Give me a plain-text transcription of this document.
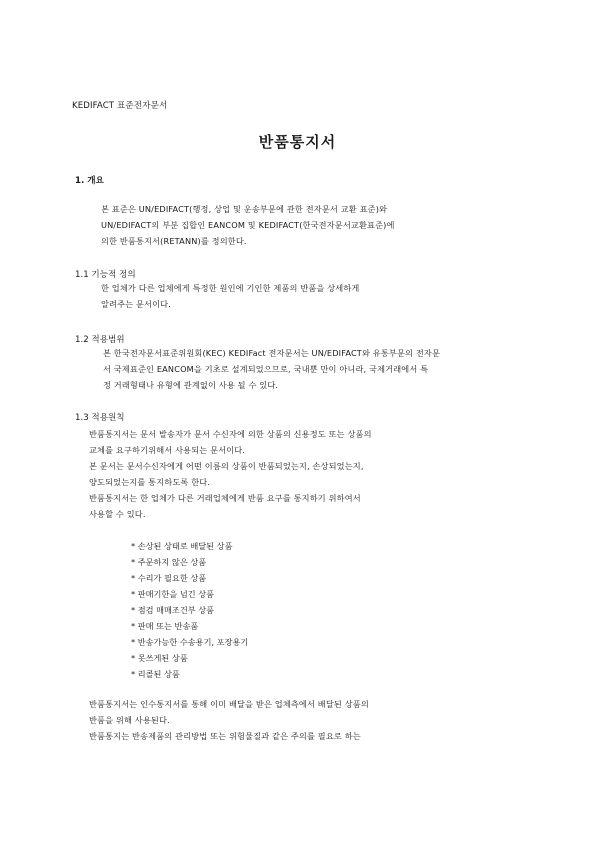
KEDIFACT 표준전자문서
반품통지서
1. 개요
본 표준은 UN/EDIFACT(행정, 상업 및 운송부문에 관한 전자문서 교환 표준)와
UN/EDIFACT의 부분 집합인 EANCOM 및 KEDIFACT(한국전자문서교환표준)에
의한 반품통지서(RETANN)를 정의한다.
1.1 기능적 정의
한 업체가 다른 업체에게 특정한 원인에 기인한 제품의 반품을 상세하게
알려주는 문서이다.
1.2 적용범위
본 한국전자문서표준위원회(KEC) KEDIFact 전자문서는 UN/EDIFACT와 유통부문의 전자문
서 국제표준인 EANCOM을 기초로 설계되었으므로, 국내뿐 만이 아니라, 국제거래에서 특
정 거래형태나 유형에 관계없이 사용 될 수 있다.
1.3 적용원칙
반품통지서는 문서 발송자가 문서 수신자에 의한 상품의 신용정도 또는 상품의
교체를 요구하기위해서 사용되는 문서이다.
본 문서는 문서수신자에게 어떤 이름의 상품이 반품되었는지, 손상되었는지,
양도되었는지를 통지하도록 한다.
반품통지서는 한 업체가 다른 거래업체에게 반품 요구를 통지하기 위하여서
사용할 수 있다.
* 손상된 상태로 배달된 상품
* 주문하지 않은 상품
* 수리가 필요한 상품
* 판매기한을 넘긴 상품
* 점검 매매조건부 상품
* 판매 또는 반송품
* 반송가능한 수송용기, 포장용기
* 못쓰게된 상품
* 리콜된 상품
반품통지서는 인수통지서를 통해 이미 배달을 받은 업체측에서 배달된 상품의
반품을 위해 사용된다.
반품통지는 반송제품의 관리방법 또는 위험물질과 같은 주의를 필요로 하는
